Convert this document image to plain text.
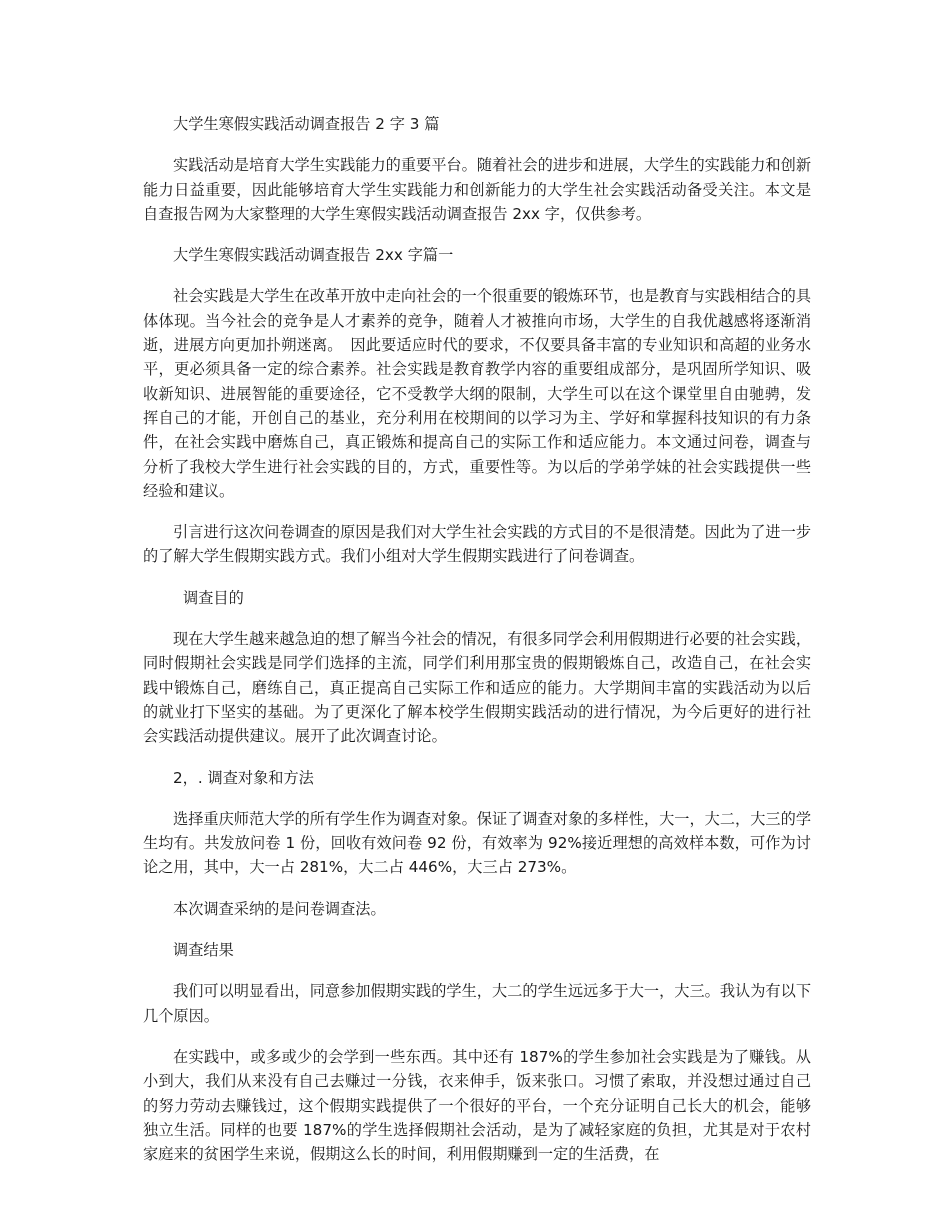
大学生寒假实践活动调查报告 2 字 3 篇

实践活动是培育大学生实践能力的重要平台。随着社会的进步和进展，大学生的实践能力和创新能力日益重要，因此能够培育大学生实践能力和创新能力的大学生社会实践活动备受关注。本文是自查报告网为大家整理的大学生寒假实践活动调查报告 2xx 字，仅供参考。

大学生寒假实践活动调查报告 2xx 字篇一

社会实践是大学生在改革开放中走向社会的一个很重要的锻炼环节，也是教育与实践相结合的具体体现。当今社会的竞争是人才素养的竞争，随着人才被推向市场，大学生的自我优越感将逐渐消逝，进展方向更加扑朔迷离。　因此要适应时代的要求，不仅要具备丰富的专业知识和高超的业务水平，更必须具备一定的综合素养。社会实践是教育教学内容的重要组成部分，是巩固所学知识、吸收新知识、进展智能的重要途径，它不受教学大纲的限制，大学生可以在这个课堂里自由驰骋，发挥自己的才能，开创自己的基业，充分利用在校期间的以学习为主、学好和掌握科技知识的有力条件，在社会实践中磨炼自己，真正锻炼和提高自己的实际工作和适应能力。本文通过问卷，调查与分析了我校大学生进行社会实践的目的，方式，重要性等。为以后的学弟学妹的社会实践提供一些经验和建议。

引言进行这次问卷调查的原因是我们对大学生社会实践的方式目的不是很清楚。因此为了进一步的了解大学生假期实践方式。我们小组对大学生假期实践进行了问卷调查。

调查目的

现在大学生越来越急迫的想了解当今社会的情况，有很多同学会利用假期进行必要的社会实践，同时假期社会实践是同学们选择的主流，同学们利用那宝贵的假期锻炼自己，改造自己，在社会实践中锻炼自己，磨练自己，真正提高自己实际工作和适应的能力。大学期间丰富的实践活动为以后的就业打下坚实的基础。为了更深化了解本校学生假期实践活动的进行情况，为今后更好的进行社会实践活动提供建议。展开了此次调查讨论。

2，. 调查对象和方法

选择重庆师范大学的所有学生作为调查对象。保证了调查对象的多样性，大一，大二，大三的学生均有。共发放问卷 1 份，回收有效问卷 92 份，有效率为 92%接近理想的高效样本数，可作为讨论之用，其中，大一占 281%，大二占 446%，大三占 273%。

本次调查采纳的是问卷调查法。

调查结果

我们可以明显看出，同意参加假期实践的学生，大二的学生远远多于大一，大三。我认为有以下几个原因。

在实践中，或多或少的会学到一些东西。其中还有 187%的学生参加社会实践是为了赚钱。从小到大，我们从来没有自己去赚过一分钱，衣来伸手，饭来张口。习惯了索取，并没想过通过自己的努力劳动去赚钱过，这个假期实践提供了一个很好的平台，一个充分证明自己长大的机会，能够独立生活。同样的也要 187%的学生选择假期社会活动，是为了减轻家庭的负担，尤其是对于农村家庭来的贫困学生来说，假期这么长的时间，利用假期赚到一定的生活费，在
